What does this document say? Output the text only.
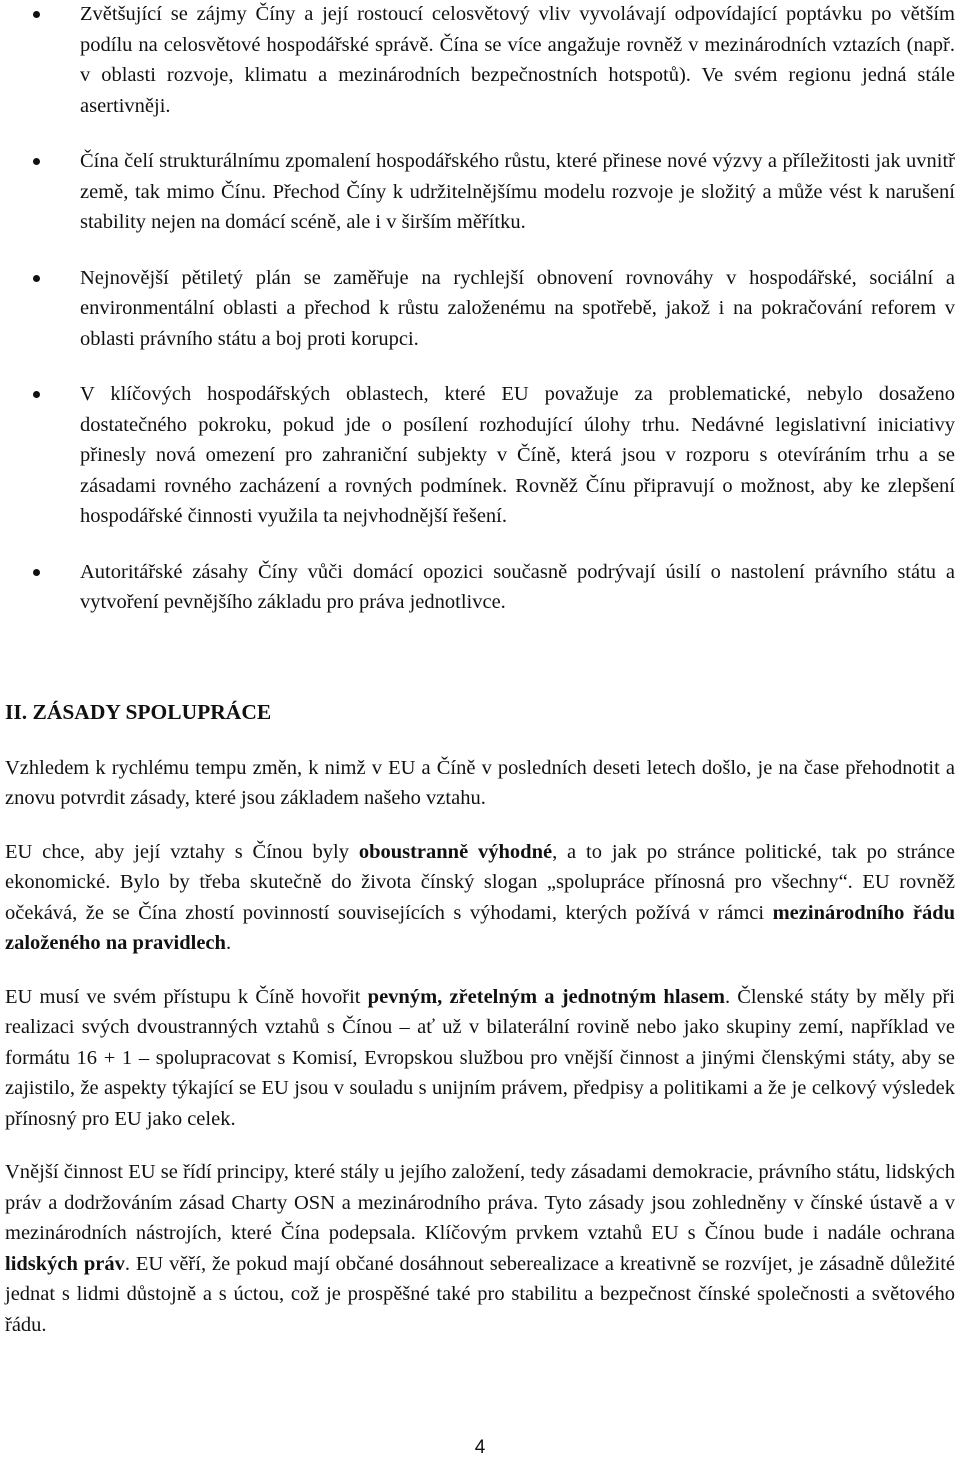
Zvětšující se zájmy Číny a její rostoucí celosvětový vliv vyvolávají odpovídající poptávku po větším podílu na celosvětové hospodářské správě. Čína se více angažuje rovněž v mezinárodních vztazích (např. v oblasti rozvoje, klimatu a mezinárodních bezpečnostních hotspotů). Ve svém regionu jedná stále asertivněji.
Čína čelí strukturálnímu zpomalení hospodářského růstu, které přinese nové výzvy a příležitosti jak uvnitř země, tak mimo Čínu. Přechod Číny k udržitelnějšímu modelu rozvoje je složitý a může vést k narušení stability nejen na domácí scéně, ale i v širším měřítku.
Nejnovější pětiletý plán se zaměřuje na rychlejší obnovení rovnováhy v hospodářské, sociální a environmentální oblasti a přechod k růstu založenému na spotřebě, jakož i na pokračování reforem v oblasti právního státu a boj proti korupci.
V klíčových hospodářských oblastech, které EU považuje za problematické, nebylo dosaženo dostatečného pokroku, pokud jde o posílení rozhodující úlohy trhu. Nedávné legislativní iniciativy přinesly nová omezení pro zahraniční subjekty v Číně, která jsou v rozporu s otevíráním trhu a se zásadami rovného zacházení a rovných podmínek. Rovněž Čínu připravují o možnost, aby ke zlepšení hospodářské činnosti využila ta nejvhodnější řešení.
Autoritářské zásahy Číny vůči domácí opozici současně podrývají úsilí o nastolení právního státu a vytvoření pevnějšího základu pro práva jednotlivce.
II. ZÁSADY SPOLUPRÁCE

Vzhledem k rychlému tempu změn, k nimž v EU a Číně v posledních deseti letech došlo, je na čase přehodnotit a znovu potvrdit zásady, které jsou základem našeho vztahu.

EU chce, aby její vztahy s Čínou byly oboustranně výhodné, a to jak po stránce politické, tak po stránce ekonomické. Bylo by třeba skutečně do života čínský slogan „spolupráce přínosná pro všechny“. EU rovněž očekává, že se Čína zhostí povinností souvisejících s výhodami, kterých požívá v rámci mezinárodního řádu založeného na pravidlech.

EU musí ve svém přístupu k Číně hovořit pevným, zřetelným a jednotným hlasem. Členské státy by měly při realizaci svých dvoustranných vztahů s Čínou – ať už v bilaterální rovině nebo jako skupiny zemí, například ve formátu 16 + 1 – spolupracovat s Komisí, Evropskou službou pro vnější činnost a jinými členskými státy, aby se zajistilo, že aspekty týkající se EU jsou v souladu s unijním právem, předpisy a politikami a že je celkový výsledek přínosný pro EU jako celek.

Vnější činnost EU se řídí principy, které stály u jejího založení, tedy zásadami demokracie, právního státu, lidských práv a dodržováním zásad Charty OSN a mezinárodního práva. Tyto zásady jsou zohledněny v čínské ústavě a v mezinárodních nástrojích, které Čína podepsala. Klíčovým prvkem vztahů EU s Čínou bude i nadále ochrana lidských práv. EU věří, že pokud mají občané dosáhnout seberealizace a kreativně se rozvíjet, je zásadně důležité jednat s lidmi důstojně a s úctou, což je prospěšné také pro stabilitu a bezpečnost čínské společnosti a světového řádu.

4
